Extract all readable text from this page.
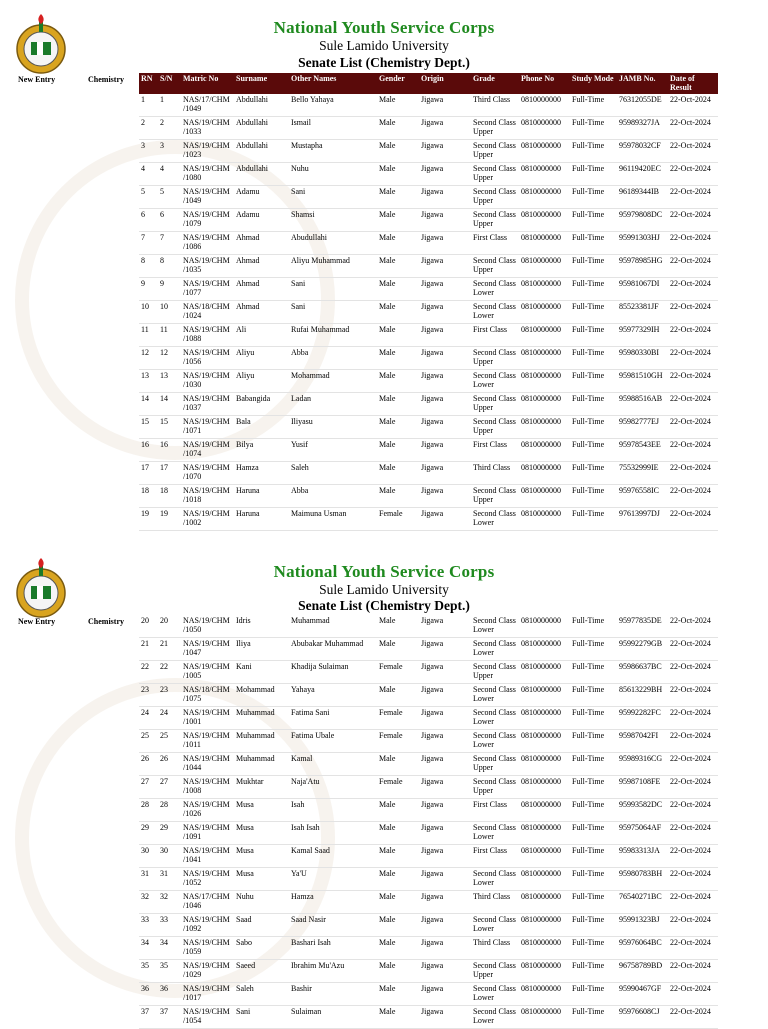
National Youth Service Corps
Sule Lamido University
Senate List (Chemistry Dept.)
New Entry	Chemistry RN	S/N	Matric No	Surname	Other Names	Gender	Origin	Grade	Phone No	Study Mode	JAMB No.	Date of Result
1	1	NAS/17/CHM /1049	Abdullahi	Bello Yahaya	Male	Jigawa	Third Class	0810000000	Full-Time	76312055DE	22-Oct-2024
2	2	NAS/19/CHM /1033	Abdullahi	Ismail	Male	Jigawa	Second Class Upper	0810000000	Full-Time	95989327JA	22-Oct-2024
3	3	NAS/19/CHM /1023	Abdullahi	Mustapha	Male	Jigawa	Second Class Upper	0810000000	Full-Time	95978032CF	22-Oct-2024
4	4	NAS/19/CHM /1080	Abdullahi	Nuhu	Male	Jigawa	Second Class Upper	0810000000	Full-Time	96119420EC	22-Oct-2024
5	5	NAS/19/CHM /1049	Adamu	Sani	Male	Jigawa	Second Class Upper	0810000000	Full-Time	96189344IB	22-Oct-2024
6	6	NAS/19/CHM /1079	Adamu	Shamsi	Male	Jigawa	Second Class Upper	0810000000	Full-Time	95979808DC	22-Oct-2024
7	7	NAS/19/CHM /1086	Ahmad	Abudullahi	Male	Jigawa	First Class	0810000000	Full-Time	95991303HJ	22-Oct-2024
8	8	NAS/19/CHM /1035	Ahmad	Aliyu Muhammad	Male	Jigawa	Second Class Upper	0810000000	Full-Time	95978985HG	22-Oct-2024
9	9	NAS/19/CHM /1077	Ahmad	Sani	Male	Jigawa	Second Class Lower	0810000000	Full-Time	95981067DI	22-Oct-2024
10	10	NAS/18/CHM /1024	Ahmad	Sani	Male	Jigawa	Second Class Lower	0810000000	Full-Time	85523381JF	22-Oct-2024
11	11	NAS/19/CHM /1088	Ali	Rufai Muhammad	Male	Jigawa	First Class	0810000000	Full-Time	95977329IH	22-Oct-2024
12	12	NAS/19/CHM /1056	Aliyu	Abba	Male	Jigawa	Second Class Upper	0810000000	Full-Time	95980330BI	22-Oct-2024
13	13	NAS/19/CHM /1030	Aliyu	Mohammad	Male	Jigawa	Second Class Lower	0810000000	Full-Time	95981510GH	22-Oct-2024
14	14	NAS/19/CHM /1037	Babangida	Ladan	Male	Jigawa	Second Class Upper	0810000000	Full-Time	95988516AB	22-Oct-2024
15	15	NAS/19/CHM /1071	Bala	Iliyasu	Male	Jigawa	Second Class Upper	0810000000	Full-Time	95982777EJ	22-Oct-2024
16	16	NAS/19/CHM /1074	Bilya	Yusif	Male	Jigawa	First Class	0810000000	Full-Time	95978543EE	22-Oct-2024
17	17	NAS/19/CHM /1070	Hamza	Saleh	Male	Jigawa	Third Class	0810000000	Full-Time	75532999IE	22-Oct-2024
18	18	NAS/19/CHM /1018	Haruna	Abba	Male	Jigawa	Second Class Upper	0810000000	Full-Time	95976558IC	22-Oct-2024
19	19	NAS/19/CHM /1002	Haruna	Maimuna Usman	Female	Jigawa	Second Class Lower	0810000000	Full-Time	97613997DJ	22-Oct-2024
National Youth Service Corps
Sule Lamido University
Senate List (Chemistry Dept.)
New Entry	Chemistry 20	20	NAS/19/CHM /1050	Idris	Muhammad	Male	Jigawa	Second Class Lower	0810000000	Full-Time	95977835DE	22-Oct-2024
21	21	NAS/19/CHM /1047	Iliya	Abubakar Muhammad	Male	Jigawa	Second Class Lower	0810000000	Full-Time	95992279GB	22-Oct-2024
22	22	NAS/19/CHM /1005	Kani	Khadija Sulaiman	Female	Jigawa	Second Class Upper	0810000000	Full-Time	95986637BC	22-Oct-2024
23	23	NAS/18/CHM /1075	Mohammad	Yahaya	Male	Jigawa	Second Class Lower	0810000000	Full-Time	85613229BH	22-Oct-2024
24	24	NAS/19/CHM /1001	Muhammad	Fatima Sani	Female	Jigawa	Second Class Lower	0810000000	Full-Time	95992282FC	22-Oct-2024
25	25	NAS/19/CHM /1011	Muhammad	Fatima Ubale	Female	Jigawa	Second Class Lower	0810000000	Full-Time	95987042FI	22-Oct-2024
26	26	NAS/19/CHM /1044	Muhammad	Kamal	Male	Jigawa	Second Class Upper	0810000000	Full-Time	95989316CG	22-Oct-2024
27	27	NAS/19/CHM /1008	Mukhtar	Naja'Atu	Female	Jigawa	Second Class Upper	0810000000	Full-Time	95987108FE	22-Oct-2024
28	28	NAS/19/CHM /1026	Musa	Isah	Male	Jigawa	First Class	0810000000	Full-Time	95993582DC	22-Oct-2024
29	29	NAS/19/CHM /1091	Musa	Isah Isah	Male	Jigawa	Second Class Lower	0810000000	Full-Time	95975064AF	22-Oct-2024
30	30	NAS/19/CHM /1041	Musa	Kamal Saad	Male	Jigawa	First Class	0810000000	Full-Time	95983313JA	22-Oct-2024
31	31	NAS/19/CHM /1052	Musa	Ya'U	Male	Jigawa	Second Class Lower	0810000000	Full-Time	95980783BH	22-Oct-2024
32	32	NAS/17/CHM /1046	Nuhu	Hamza	Male	Jigawa	Third Class	0810000000	Full-Time	76540271BC	22-Oct-2024
33	33	NAS/19/CHM /1092	Saad	Saad Nasir	Male	Jigawa	Second Class Lower	0810000000	Full-Time	95991323BJ	22-Oct-2024
34	34	NAS/19/CHM /1059	Sabo	Bashari Isah	Male	Jigawa	Third Class	0810000000	Full-Time	95976064BC	22-Oct-2024
35	35	NAS/19/CHM /1029	Saeed	Ibrahim Mu'Azu	Male	Jigawa	Second Class Upper	0810000000	Full-Time	96758789BD	22-Oct-2024
36	36	NAS/19/CHM /1017	Saleh	Bashir	Male	Jigawa	Second Class Lower	0810000000	Full-Time	95990467GF	22-Oct-2024
37	37	NAS/19/CHM /1054	Sani	Sulaiman	Male	Jigawa	Second Class Lower	0810000000	Full-Time	95976608CJ	22-Oct-2024
